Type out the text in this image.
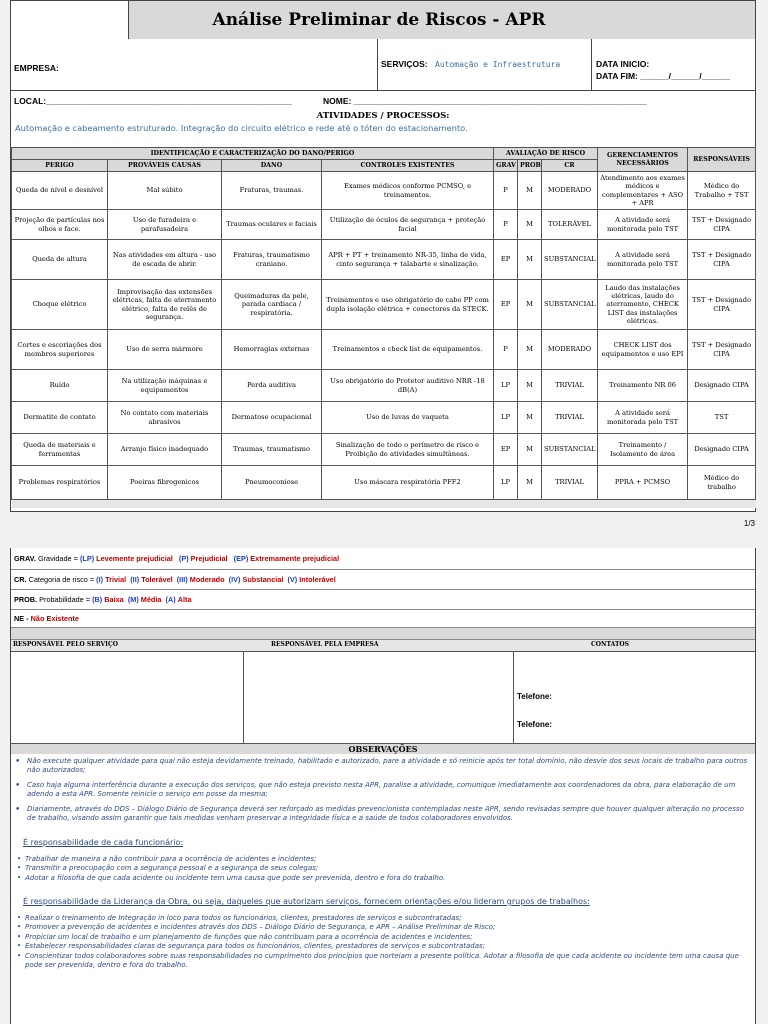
Análise Preliminar de Riscos - APR
EMPRESA:	SERVIÇOS: Automação e Infraestrutura	DATA INICIO:
DATA FIM: ______/______/______
LOCAL:____________________________________________________	NOME: ______________________________________________________________
ATIVIDADES / PROCESSOS:
Automação e cabeamento estruturado. Integração do circuito elétrico e rede até o tóten do estacionamento.
IDENTIFICAÇÃO E CARACTERIZAÇÃO DO DANO/PERIGO				AVALIAÇÃO DE RISCO			GERENCIAMENTOS NECESSÁRIOS	RESPONSÁVEIS
PERIGO	PROVÁVEIS CAUSAS	DANO	CONTROLES EXISTENTES	GRAV	PROB	CR		
Queda de nível e desnível	Mal súbito	Fraturas, traumas.	Exames médicos conforme PCMSO, e treinamentos.	P	M	MODERADO	Atendimento aos exames médicos e complementares + ASO + APR	Médico do Trabalho + TST
Projeção de partículas nos olhos e face.	Uso de furadeira e parafusadeira	Traumas oculares e faciais	Utilização de óculos de segurança + proteção facial	P	M	TOLERÁVEL	A atividade será monitorada pelo TST	TST + Designado CIPA
Queda de altura	Nas atividades em altura - uso de escada de abrir.	Fraturas, traumatismo craniano.	APR + PT + treinamento NR-35, linha de vida, cinto segurança + talabarte e sinalização.	EP	M	SUBSTANCIAL	A atividade será monitorada pelo TST	TST + Designado CIPA
Choque elétrico	Improvisação das extensões elétricas, falta de aterramento elétrico, falta de relês de segurança.	Queimaduras da pele, parada cardiaca / respiratória.	Treinamentos e uso obrigatório de cabo PP com dupla isolação elétrica + conectores da STECK.	EP	M	SUBSTANCIAL	Laudo das instalações elétricas, laudo do aterramento, CHECK LIST das instalações elétricas.	TST + Designado CIPA
Cortes e escoriações dos membros superiores	Uso de serra mármore	Hemorragias externas	Treinamentos e check list de equipamentos.	P	M	MODERADO	CHECK LIST dos equipamentos e uso EPI	TST + Designado CIPA
Ruído	Na utilização máquinas e equipamentos	Perda auditiva	Uso obrigatório do Protetor auditivo NRR -18 dB(A)	LP	M	TRIVIAL	Treinamento NR 06	Designado CIPA
Dermatite de contato	No contato com materiais abrasivos	Dermatose ocupacional	Uso de luvas de vaqueta	LP	M	TRIVIAL	A atividade será monitorada pelo TST	TST
Queda de materiais e ferramentas	Arranjo físico inadequado	Traumas, traumatismo	Sinalização de todo o perímetro de risco e Proibição de atividades simultâneas.	EP	M	SUBSTANCIAL	Treinamento / Isolamento de área	Designado CIPA
Problemas respiratórios	Poeiras fibrogenicos	Pneumoconiose	Uso máscara respiratória PFF2	LP	M	TRIVIAL	PPRA + PCMSO	Médico do trabalho

1/3
GRAV. Gravidade = (LP) Levemente prejudicial (P) Prejudicial (EP) Extremamente prejudicial
CR. Categoria de risco = (I) Trivial (II) Tolerável (III) Moderado (IV) Substancial (V) Intolerável
PROB. Probabilidade = (B) Baixa (M) Média (A) Alta
NE - Não Existente
RESPONSÁVEL PELO SERVIÇO	RESPONSÁVEL PELA EMPRESA	CONTATOS
Telefone:
Telefone:
OBSERVAÇÕES
• Não execute qualquer atividade para qual não esteja devidamente treinado, habilitado e autorizado, pare a atividade e só reinicie após ter total domínio, não desvie dos seus locais de trabalho para outros não autorizados;
• Caso haja alguma interferência durante a execução dos serviços, que não esteja previsto nesta APR, paralise a atividade, comunique imediatamente aos coordenadores da obra, para elaboração de um adendo a esta APR. Somente reinicie o serviço em posse da mesma;
• Diariamente, através do DDS – Diálogo Diário de Segurança deverá ser reforçado as medidas prevencionista contempladas neste APR, sendo revisadas sempre que houver qualquer alteração no processo de trabalho, visando assim garantir que tais medidas venham preservar a integridade física e a saúde de todos colaboradores envolvidos.
É responsabilidade de cada funcionário:
• Trabalhar de maneira a não contribuir para a ocorrência de acidentes e incidentes;
• Transmitir a preocupação com a segurança pessoal e a segurança de seus colegas;
• Adotar a filosofia de que cada acidente ou incidente tem uma causa que pode ser prevenida, dentro e fora do trabalho.
É responsabilidade da Liderança da Obra, ou seja, daqueles que autorizam serviços, fornecem orientações e/ou lideram grupos de trabalhos:
• Realizar o treinamento de Integração in loco para todos os funcionários, clientes, prestadores de serviços e subcontratadas;
• Promover a prevenção de acidentes e incidentes através dos DDS – Diálogo Diário de Segurança, e APR – Análise Preliminar de Risco;
• Propiciar um local de trabalho e um planejamento de funções que não contribuam para a ocorrência de acidentes e incidentes;
• Estabelecer responsabilidades claras de segurança para todos os funcionários, clientes, prestadores de serviços e subcontratadas;
• Conscientizar todos colaboradores sobre suas responsabilidades no cumprimento dos princípios que norteiam a presente política. Adotar a filosofia de que cada acidente ou incidente tem uma causa que pode ser prevenida, dentro e fora do trabalho.
